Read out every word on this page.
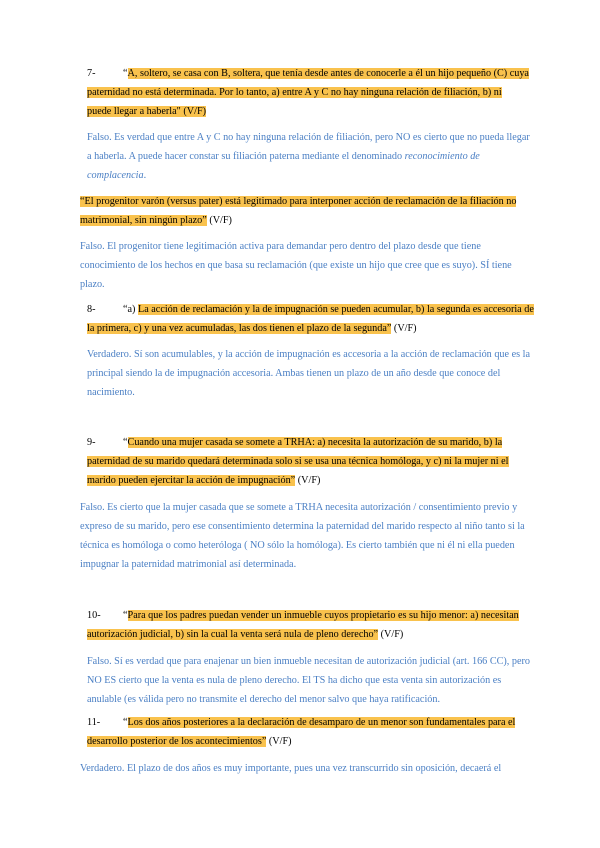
7-	“A, soltero, se casa con B, soltera, que tenía desde antes de conocerle a él un hijo pequeño (C) cuya
paternidad no está determinada. Por lo tanto, a) entre A y C no hay ninguna relación de filiación, b) ni
puede llegar a haberla" (V/F)
Falso. Es verdad que entre A y C no hay ninguna relación de filiación, pero NO es cierto que no pueda llegar
a haberla. A puede hacer constar su filiación paterna mediante el denominado reconocimiento de
complacencia.
“El progenitor varón (versus pater) está legitimado para interponer acción de reclamación de la filiación no
matrimonial, sin ningún plazo” (V/F)
Falso. El progenitor tiene legitimación activa para demandar pero dentro del plazo desde que tiene
conocimiento de los hechos en que basa su reclamación (que existe un hijo que cree que es suyo). SÍ tiene
plazo.
8-	“a) La acción de reclamación y la de impugnación se pueden acumular, b) la segunda es accesoria de
la primera, c) y una vez acumuladas, las dos tienen el plazo de la segunda” (V/F)
Verdadero. Sí son acumulables, y la acción de impugnación es accesoria a la acción de reclamación que es la
principal siendo la de impugnación accesoria. Ambas tienen un plazo de un año desde que conoce del
nacimiento.
9-	“Cuando una mujer casada se somete a TRHA: a) necesita la autorización de su marido, b) la
paternidad de su marido quedará determinada solo si se usa una técnica homóloga, y c) ni la mujer ni el
marido pueden ejercitar la acción de impugnación” (V/F)
Falso. Es cierto que la mujer casada que se somete a TRHA necesita autorización / consentimiento previo y
expreso de su marido, pero ese consentimiento determina la paternidad del marido respecto al niño tanto si la
técnica es homóloga o como heteróloga ( NO sólo la homóloga). Es cierto también que ni él ni ella pueden
impugnar la paternidad matrimonial así determinada.
10- “Para que los padres puedan vender un inmueble cuyos propietario es su hijo menor: a) necesitan
autorización judicial, b) sin la cual la venta será nula de pleno derecho” (V/F)
Falso. Sí es verdad que para enajenar un bien inmueble necesitan de autorización judicial (art. 166 CC), pero
NO ES cierto que la venta es nula de pleno derecho. El TS ha dicho que esta venta sin autorización es
anulable (es válida pero no transmite el derecho del menor salvo que haya ratificación.
11- “Los dos años posteriores a la declaración de desamparo de un menor son fundamentales para el
desarrollo posterior de los acontecimientos” (V/F)
Verdadero. El plazo de dos años es muy importante, pues una vez transcurrido sin oposición, decaerá el
